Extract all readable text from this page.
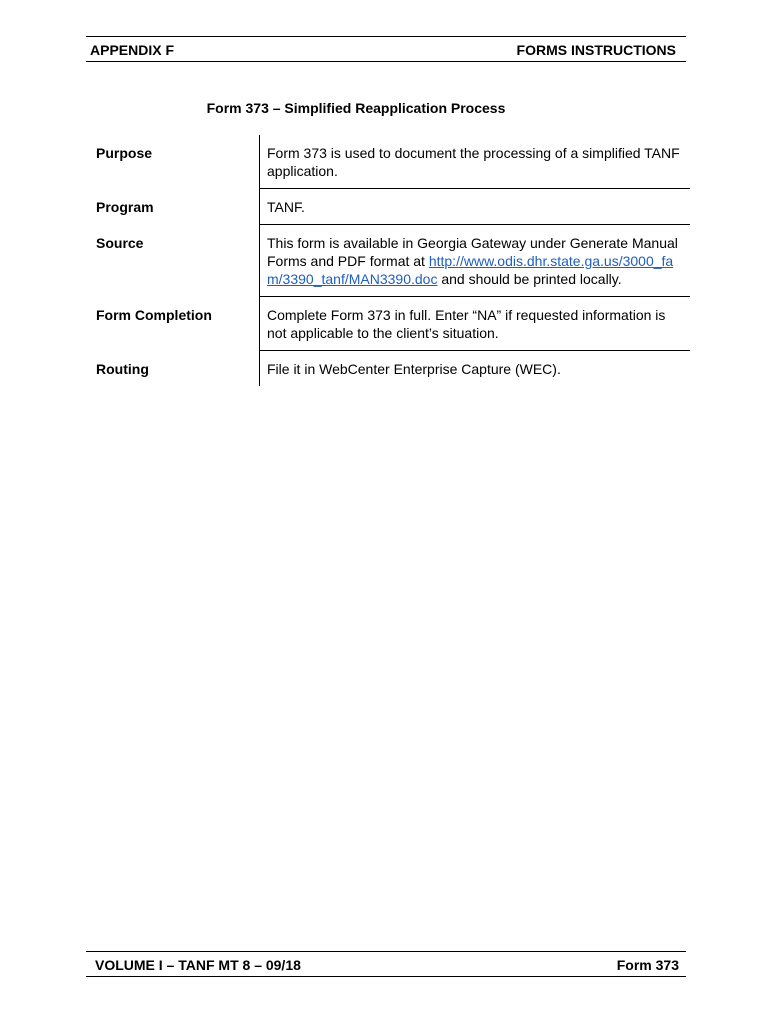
APPENDIX F	FORMS INSTRUCTIONS
Form 373 – Simplified Reapplication Process
Purpose	Form 373 is used to document the processing of a simplified TANF application.
Program	TANF.
Source	This form is available in Georgia Gateway under Generate Manual Forms and PDF format at http://www.odis.dhr.state.ga.us/3000_fam/3390_tanf/MAN3390.doc and should be printed locally.
Form Completion	Complete Form 373 in full. Enter “NA” if requested information is not applicable to the client’s situation.
Routing	File it in WebCenter Enterprise Capture (WEC).
VOLUME I – TANF MT 8 – 09/18	Form 373
